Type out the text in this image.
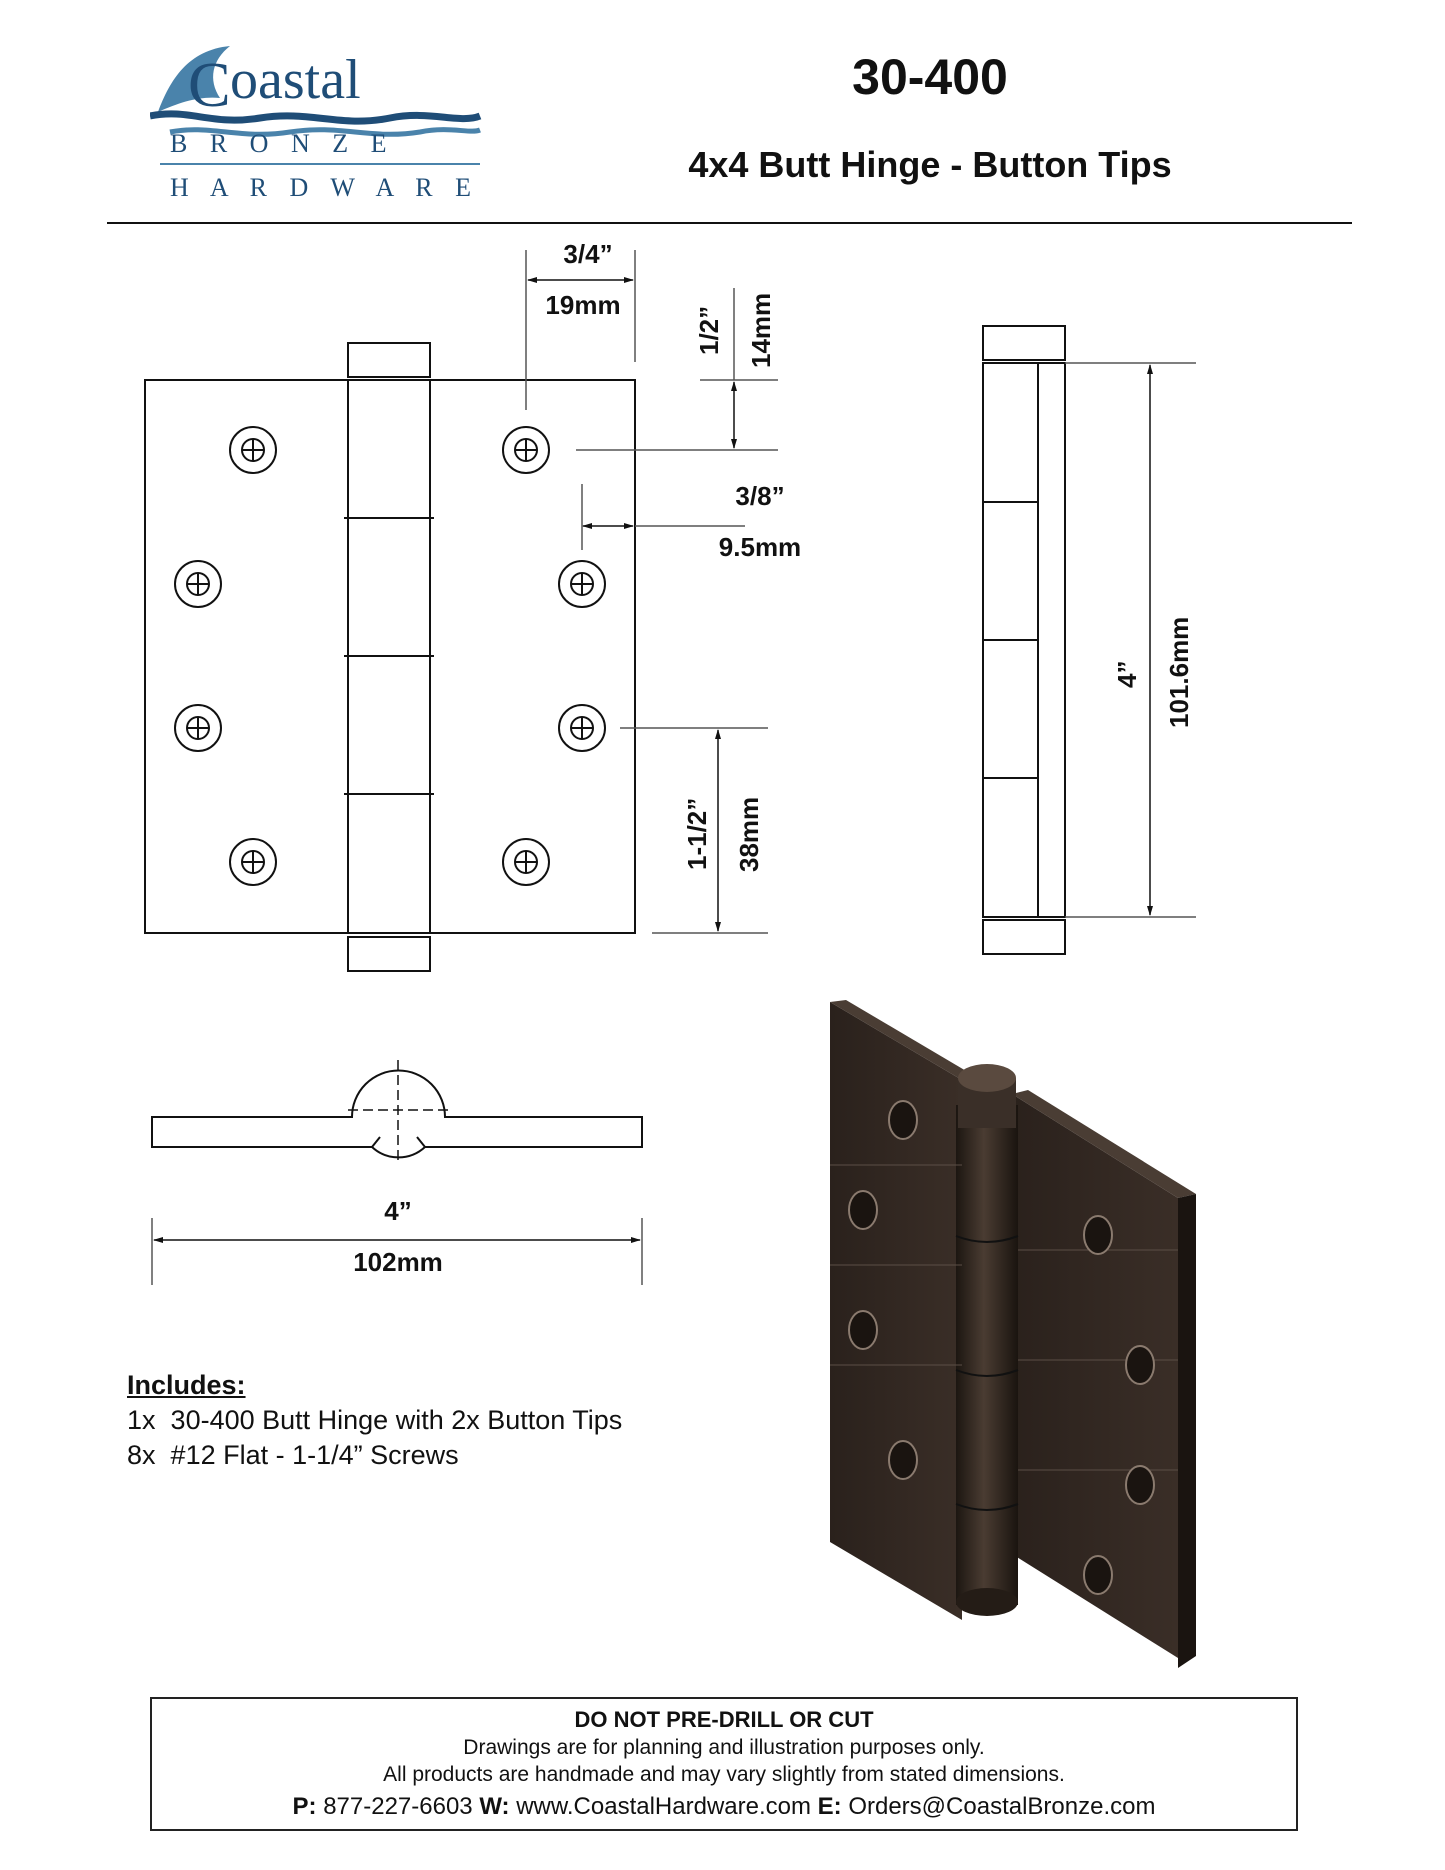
C oastal
B R O N Z E
H A R D W A R E
30-400
4x4 Butt Hinge - Button Tips
3/4”
19mm
1/2” 14mm
3/8”
9.5mm
1-1/2” 38mm
4” 101.6mm
4”
102mm
Includes:
1x 30-400 Butt Hinge with 2x Button Tips
8x #12 Flat - 1-1/4” Screws
DO NOT PRE-DRILL OR CUT
Drawings are for planning and illustration purposes only.
All products are handmade and may vary slightly from stated dimensions.
P: 877-227-6603 W: www.CoastalHardware.com E: Orders@CoastalBronze.com
